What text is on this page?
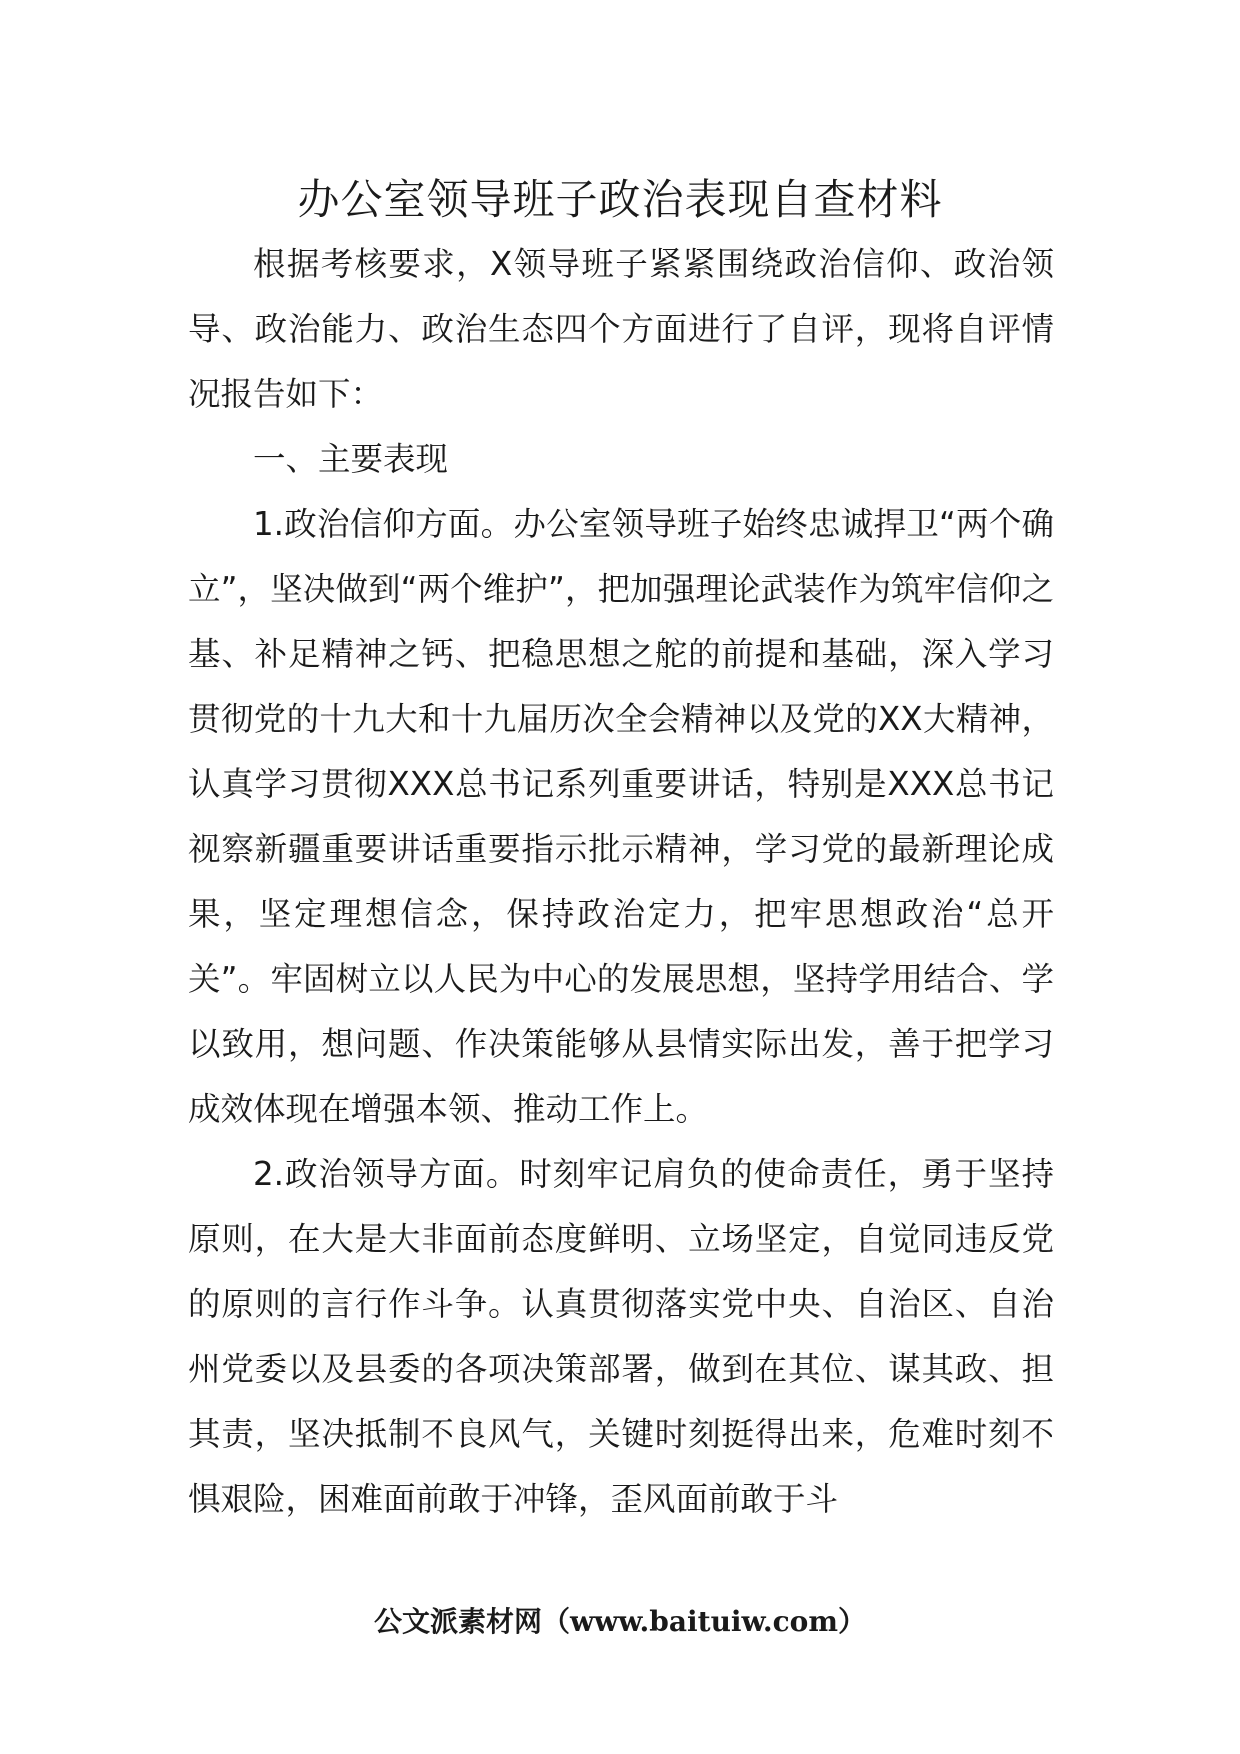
办公室领导班子政治表现自查材料

根据考核要求，X领导班子紧紧围绕政治信仰、政治领导、政治能力、政治生态四个方面进行了自评，现将自评情况报告如下：

一、主要表现

1.政治信仰方面。办公室领导班子始终忠诚捍卫“两个确立”，坚决做到“两个维护”，把加强理论武装作为筑牢信仰之基、补足精神之钙、把稳思想之舵的前提和基础，深入学习贯彻党的十九大和十九届历次全会精神以及党的XX大精神，认真学习贯彻XXX总书记系列重要讲话，特别是XXX总书记视察新疆重要讲话重要指示批示精神，学习党的最新理论成果，坚定理想信念，保持政治定力，把牢思想政治“总开关”。牢固树立以人民为中心的发展思想，坚持学用结合、学以致用，想问题、作决策能够从县情实际出发，善于把学习成效体现在增强本领、推动工作上。

2.政治领导方面。时刻牢记肩负的使命责任，勇于坚持原则，在大是大非面前态度鲜明、立场坚定，自觉同违反党的原则的言行作斗争。认真贯彻落实党中央、自治区、自治州党委以及县委的各项决策部署，做到在其位、谋其政、担其责，坚决抵制不良风气，关键时刻挺得出来，危难时刻不惧艰险，困难面前敢于冲锋，歪风面前敢于斗

公文派素材网（www.baituiw.com）
